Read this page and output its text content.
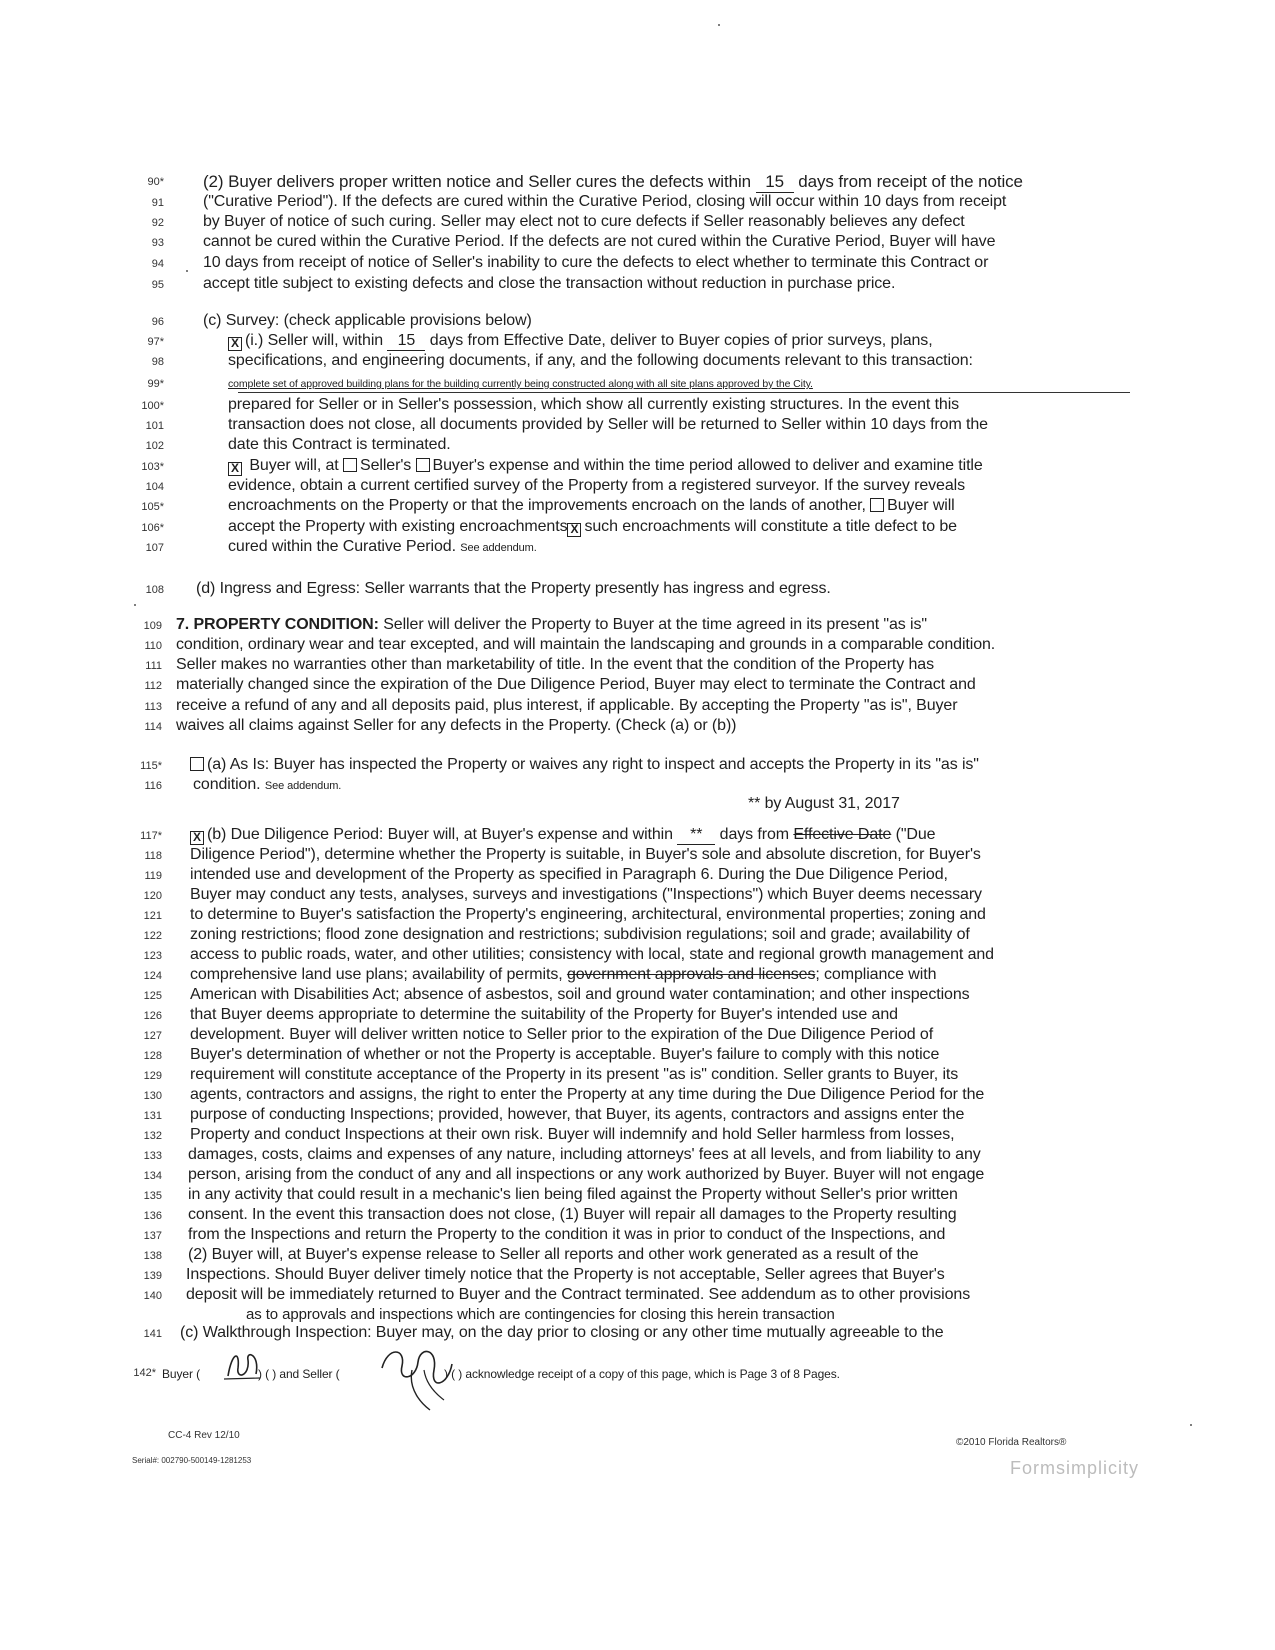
90* (2) Buyer delivers proper written notice and Seller cures the defects within 15 days from receipt of the notice
91 ("Curative Period"). If the defects are cured within the Curative Period, closing will occur within 10 days from receipt
92 by Buyer of notice of such curing. Seller may elect not to cure defects if Seller reasonably believes any defect
93 cannot be cured within the Curative Period. If the defects are not cured within the Curative Period, Buyer will have
94 10 days from receipt of notice of Seller's inability to cure the defects to elect whether to terminate this Contract or
95 accept title subject to existing defects and close the transaction without reduction in purchase price.
96 (c) Survey: (check applicable provisions below)
97*	X (i.) Seller will, within 15 days from Effective Date, deliver to Buyer copies of prior surveys, plans,
98	specifications, and engineering documents, if any, and the following documents relevant to this transaction:
99*	complete set of approved building plans for the building currently being constructed along with all site plans approved by the City.
100*	prepared for Seller or in Seller's possession, which show all currently existing structures. In the event this
101	transaction does not close, all documents provided by Seller will be returned to Seller within 10 days from the
102	date this Contract is terminated.
103*	X Buyer will, at Seller's Buyer's expense and within the time period allowed to deliver and examine title
104	evidence, obtain a current certified survey of the Property from a registered surveyor. If the survey reveals
105*	encroachments on the Property or that the improvements encroach on the lands of another, Buyer will
106*	accept the Property with existing encroachments X such encroachments will constitute a title defect to be
107	cured within the Curative Period. See addendum.
108 (d) Ingress and Egress: Seller warrants that the Property presently has ingress and egress.
109 7. PROPERTY CONDITION: Seller will deliver the Property to Buyer at the time agreed in its present "as is"
110 condition, ordinary wear and tear excepted, and will maintain the landscaping and grounds in a comparable condition.
111 Seller makes no warranties other than marketability of title. In the event that the condition of the Property has
112 materially changed since the expiration of the Due Diligence Period, Buyer may elect to terminate the Contract and
113 receive a refund of any and all deposits paid, plus interest, if applicable. By accepting the Property "as is", Buyer
114 waives all claims against Seller for any defects in the Property. (Check (a) or (b))
115*	(a) As Is: Buyer has inspected the Property or waives any right to inspect and accepts the Property in its "as is"
116 condition. See addendum.
** by August 31, 2017
117*	X (b) Due Diligence Period: Buyer will, at Buyer's expense and within ** days from Effective Date ("Due
118 Diligence Period"), determine whether the Property is suitable, in Buyer's sole and absolute discretion, for Buyer's
119 intended use and development of the Property as specified in Paragraph 6. During the Due Diligence Period,
120 Buyer may conduct any tests, analyses, surveys and investigations ("Inspections") which Buyer deems necessary
121 to determine to Buyer's satisfaction the Property's engineering, architectural, environmental properties; zoning and
122 zoning restrictions; flood zone designation and restrictions; subdivision regulations; soil and grade; availability of
123 access to public roads, water, and other utilities; consistency with local, state and regional growth management and
124 comprehensive land use plans; availability of permits, government approvals and licenses; compliance with
125 American with Disabilities Act; absence of asbestos, soil and ground water contamination; and other inspections
126 that Buyer deems appropriate to determine the suitability of the Property for Buyer's intended use and
127 development. Buyer will deliver written notice to Seller prior to the expiration of the Due Diligence Period of
128 Buyer's determination of whether or not the Property is acceptable. Buyer's failure to comply with this notice
129 requirement will constitute acceptance of the Property in its present "as is" condition. Seller grants to Buyer, its
130 agents, contractors and assigns, the right to enter the Property at any time during the Due Diligence Period for the
131 purpose of conducting Inspections; provided, however, that Buyer, its agents, contractors and assigns enter the
132 Property and conduct Inspections at their own risk. Buyer will indemnify and hold Seller harmless from losses,
133 damages, costs, claims and expenses of any nature, including attorneys' fees at all levels, and from liability to any
134 person, arising from the conduct of any and all inspections or any work authorized by Buyer. Buyer will not engage
135 in any activity that could result in a mechanic's lien being filed against the Property without Seller's prior written
136 consent. In the event this transaction does not close, (1) Buyer will repair all damages to the Property resulting
137 from the Inspections and return the Property to the condition it was in prior to conduct of the Inspections, and
138 (2) Buyer will, at Buyer's expense release to Seller all reports and other work generated as a result of the
139 Inspections. Should Buyer deliver timely notice that the Property is not acceptable, Seller agrees that Buyer's
140 deposit will be immediately returned to Buyer and the Contract terminated. See addendum as to other provisions
as to approvals and inspections which are contingencies for closing this herein transaction
141 (c) Walkthrough Inspection: Buyer may, on the day prior to closing or any other time mutually agreeable to the
142* Buyer (	) ( ) and Seller (	) ( ) acknowledge receipt of a copy of this page, which is Page 3 of 8 Pages.
CC-4 Rev 12/10
Serial#: 002790-500149-1281253
©2010 Florida Realtors®
Formsimplicity
